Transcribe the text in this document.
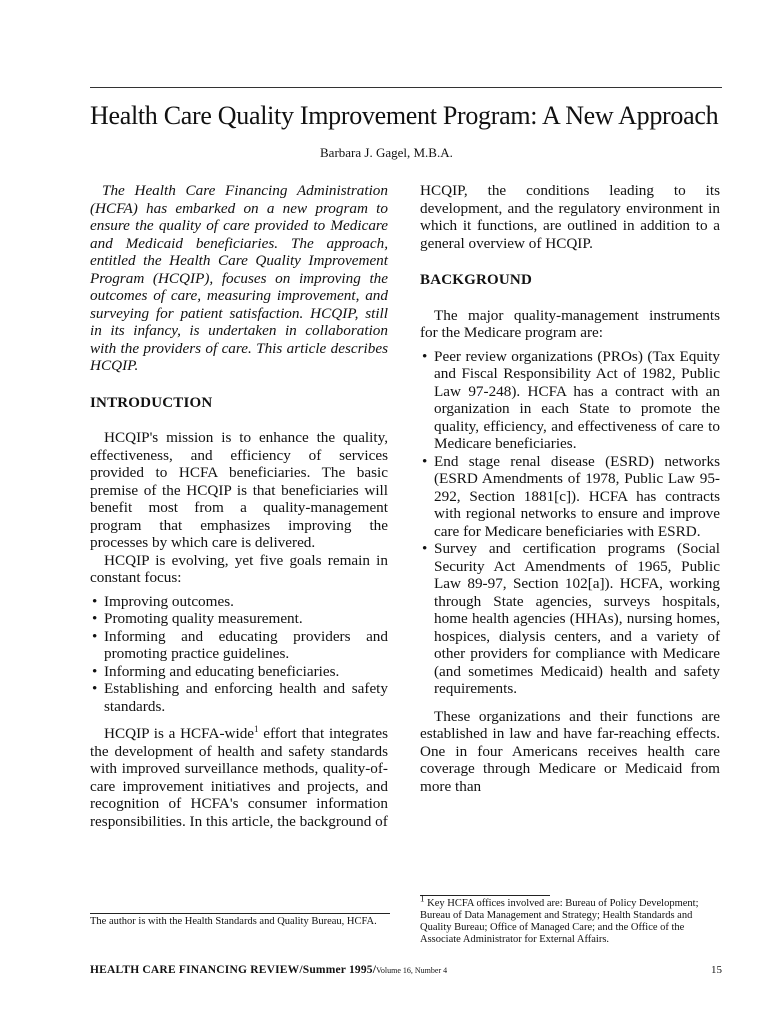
Health Care Quality Improvement Program: A New Approach
Barbara J. Gagel, M.B.A.

The Health Care Financing Administration (HCFA) has embarked on a new program to ensure the quality of care provided to Medicare and Medicaid beneficiaries. The approach, entitled the Health Care Quality Improvement Program (HCQIP), focuses on improving the outcomes of care, measuring improvement, and surveying for patient satisfaction. HCQIP, still in its infancy, is undertaken in collaboration with the providers of care. This article describes HCQIP.

INTRODUCTION

HCQIP's mission is to enhance the quality, effectiveness, and efficiency of services provided to HCFA beneficiaries. The basic premise of the HCQIP is that beneficiaries will benefit most from a quality-management program that emphasizes improving the processes by which care is delivered.

HCQIP is evolving, yet five goals remain in constant focus:

• Improving outcomes.
• Promoting quality measurement.
• Informing and educating providers and promoting practice guidelines.
• Informing and educating beneficiaries.
• Establishing and enforcing health and safety standards.

HCQIP is a HCFA-wide$^1$ effort that integrates the development of health and safety standards with improved surveillance methods, quality-of-care improvement initiatives and projects, and recognition of HCFA's consumer information responsibilities. In this article, the background of

HCQIP, the conditions leading to its development, and the regulatory environment in which it functions, are outlined in addition to a general overview of HCQIP.

BACKGROUND

The major quality-management instruments for the Medicare program are:

• Peer review organizations (PROs) (Tax Equity and Fiscal Responsibility Act of 1982, Public Law 97-248). HCFA has a contract with an organization in each State to promote the quality, efficiency, and effectiveness of care to Medicare beneficiaries.
• End stage renal disease (ESRD) networks (ESRD Amendments of 1978, Public Law 95-292, Section 1881[c]). HCFA has contracts with regional networks to ensure and improve care for Medicare beneficiaries with ESRD.
• Survey and certification programs (Social Security Act Amendments of 1965, Public Law 89-97, Section 102[a]). HCFA, working through State agencies, surveys hospitals, home health agencies (HHAs), nursing homes, hospices, dialysis centers, and a variety of other providers for compliance with Medicare (and sometimes Medicaid) health and safety requirements.

These organizations and their functions are established in law and have far-reaching effects. One in four Americans receives health care coverage through Medicare or Medicaid from more than

The author is with the Health Standards and Quality Bureau, HCFA.
$^1$ Key HCFA offices involved are: Bureau of Policy Development; Bureau of Data Management and Strategy; Health Standards and Quality Bureau; Office of Managed Care; and the Office of the Associate Administrator for External Affairs.
HEALTH CARE FINANCING REVIEW/Summer 1995/Volume 16, Number 4	15
